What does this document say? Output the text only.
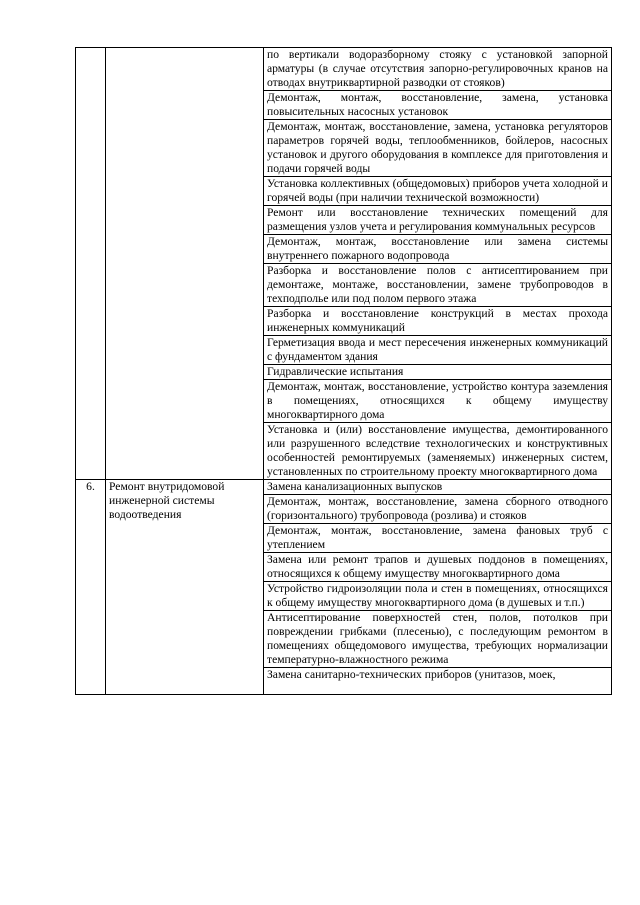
		по вертикали водоразборному стояку с установкой запорной арматуры (в случае отсутствия запорно-регулировочных кранов на отводах внутриквартирной разводки от стояков)
		Демонтаж, монтаж, восстановление, замена, установка повысительных насосных установок
		Демонтаж, монтаж, восстановление, замена, установка регуляторов параметров горячей воды, теплообменников, бойлеров, насосных установок и другого оборудования в комплексе для приготовления и подачи горячей воды
		Установка коллективных (общедомовых) приборов учета холодной и горячей воды (при наличии технической возможности)
		Ремонт или восстановление технических помещений для размещения узлов учета и регулирования коммунальных ресурсов
		Демонтаж, монтаж, восстановление или замена системы внутреннего пожарного водопровода
		Разборка и восстановление полов с антисептированием при демонтаже, монтаже, восстановлении, замене трубопроводов в техподполье или под полом первого этажа
		Разборка и восстановление конструкций в местах прохода инженерных коммуникаций
		Герметизация ввода и мест пересечения инженерных коммуникаций с фундаментом здания
		Гидравлические испытания
		Демонтаж, монтаж, восстановление, устройство контура заземления в помещениях, относящихся к общему имуществу многоквартирного дома
		Установка и (или) восстановление имущества, демонтированного или разрушенного вследствие технологических и конструктивных особенностей ремонтируемых (заменяемых) инженерных систем, установленных по строительному проекту многоквартирного дома
6.	Ремонт внутридомовой инженерной системы водоотведения	Замена канализационных выпусков
		Демонтаж, монтаж, восстановление, замена сборного отводного (горизонтального) трубопровода (розлива) и стояков
		Демонтаж, монтаж, восстановление, замена фановых труб с утеплением
		Замена или ремонт трапов и душевых поддонов в помещениях, относящихся к общему имуществу многоквартирного дома
		Устройство гидроизоляции пола и стен в помещениях, относящихся к общему имуществу многоквартирного дома (в душевых и т.п.)
		Антисептирование поверхностей стен, полов, потолков при повреждении грибками (плесенью), с последующим ремонтом в помещениях общедомового имущества, требующих нормализации температурно-влажностного режима
		Замена санитарно-технических приборов (унитазов, моек,
